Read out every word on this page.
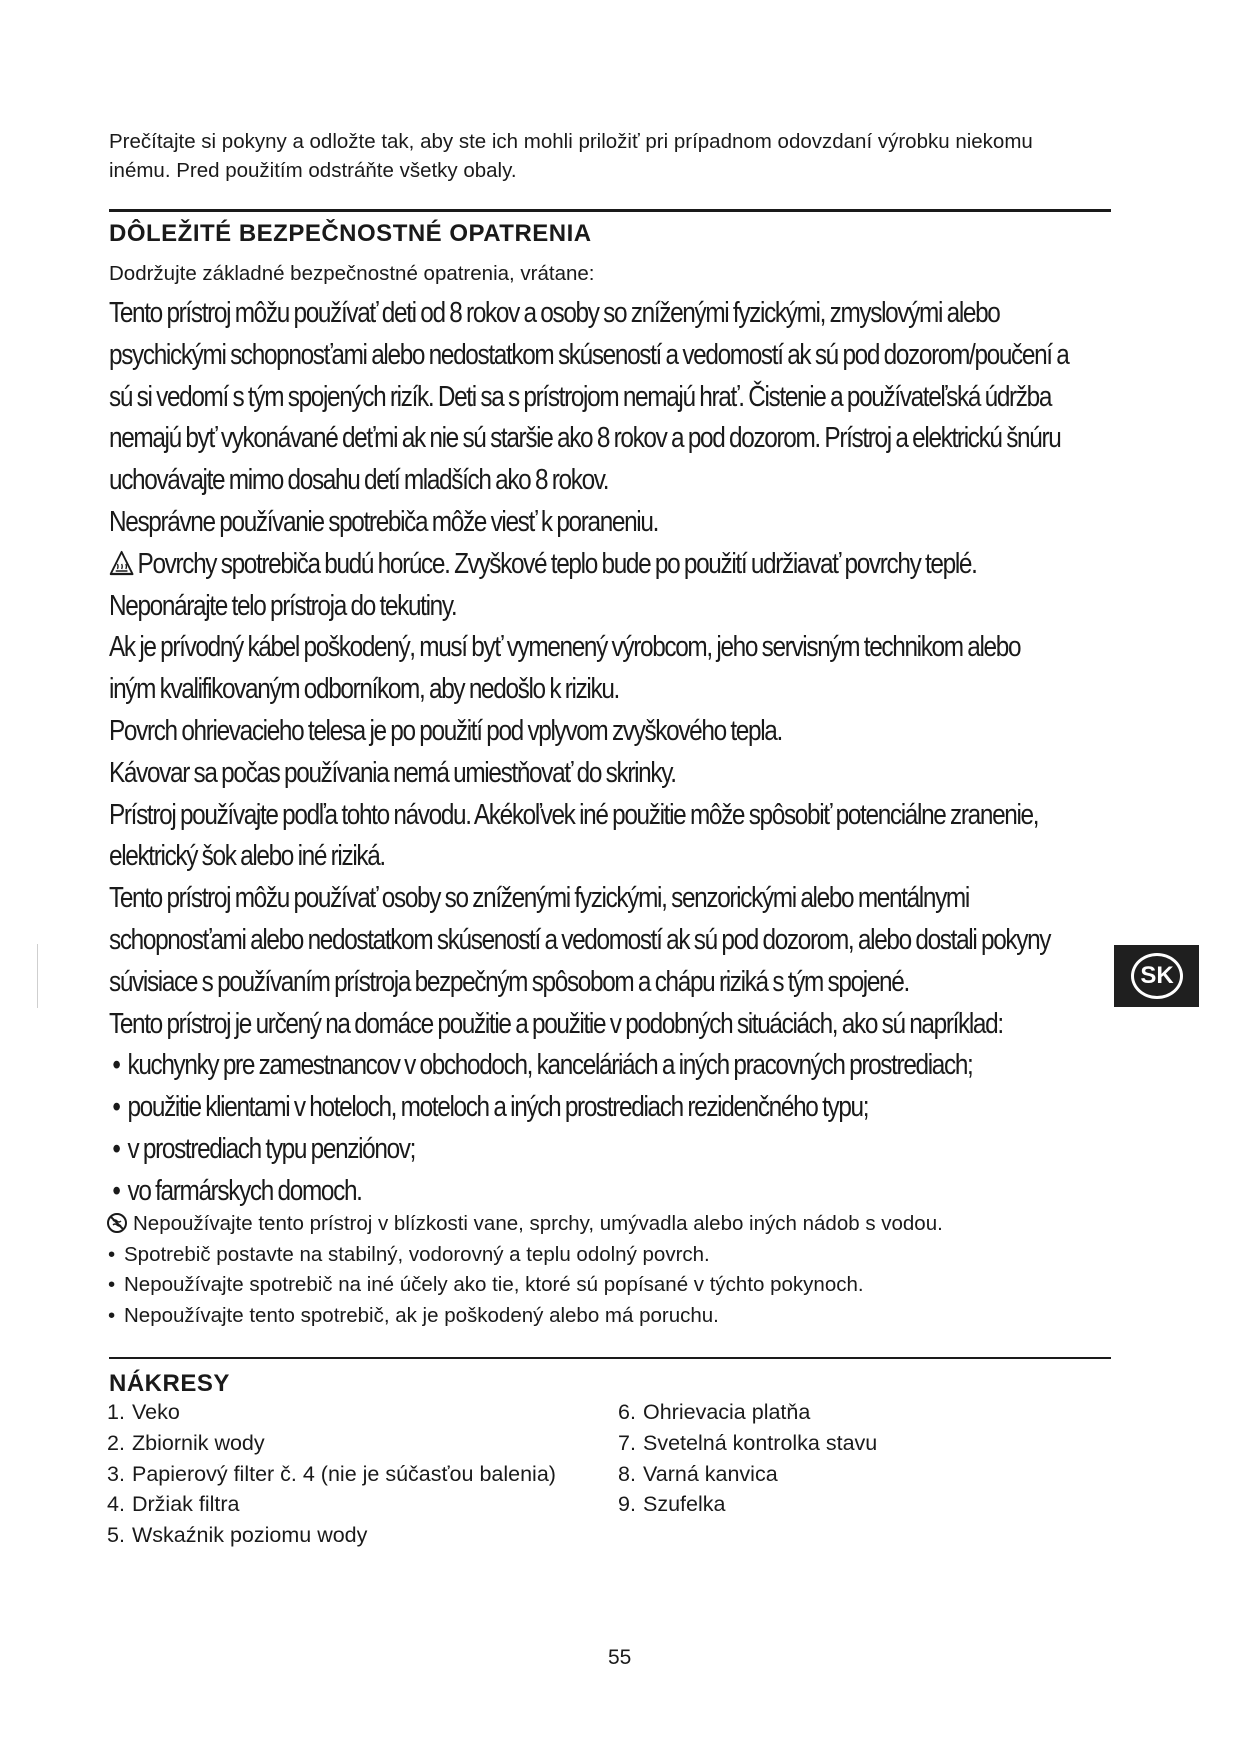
Prečítajte si pokyny a odložte tak, aby ste ich mohli priložiť pri prípadnom odovzdaní výrobku niekomu
inému. Pred použitím odstráňte všetky obaly.
DÔLEŽITÉ BEZPEČNOSTNÉ OPATRENIA
Dodržujte základné bezpečnostné opatrenia, vrátane:

Tento prístroj môžu používať deti od 8 rokov a osoby so zníženými fyzickými, zmyslovými alebo

psychickými schopnosťami alebo nedostatkom skúseností a vedomostí ak sú pod dozorom/poučení a

sú si vedomí s tým spojených rizík. Deti sa s prístrojom nemajú hrať. Čistenie a používateľská údržba

nemajú byť vykonávané deťmi ak nie sú staršie ako 8 rokov a pod dozorom. Prístroj a elektrickú šnúru

uchovávajte mimo dosahu detí mladších ako 8 rokov.

Nesprávne používanie spotrebiča môže viesť k poraneniu.

Povrchy spotrebiča budú horúce. Zvyškové teplo bude po použití udržiavať povrchy teplé.

Neponárajte telo prístroja do tekutiny.

Ak je prívodný kábel poškodený, musí byť vymenený výrobcom, jeho servisným technikom alebo

iným kvalifikovaným odborníkom, aby nedošlo k riziku.

Povrch ohrievacieho telesa je po použití pod vplyvom zvyškového tepla.

Kávovar sa počas používania nemá umiestňovať do skrinky.

Prístroj používajte podľa tohto návodu. Akékoľvek iné použitie môže spôsobiť potenciálne zranenie,

elektrický šok alebo iné riziká.

Tento prístroj môžu používať osoby so zníženými fyzickými, senzorickými alebo mentálnymi

schopnosťami alebo nedostatkom skúseností a vedomostí ak sú pod dozorom, alebo dostali pokyny

súvisiace s používaním prístroja bezpečným spôsobom a chápu riziká s tým spojené.

Tento prístroj je určený na domáce použitie a použitie v podobných situáciách, ako sú napríklad:

• kuchynky pre zamestnancov v obchodoch, kanceláriách a iných pracovných prostrediach;

• použitie klientami v hoteloch, moteloch a iných prostrediach rezidenčného typu;

• v prostrediach typu penziónov;

• vo farmárskych domoch.

Nepoužívajte tento prístroj v blízkosti vane, sprchy, umývadla alebo iných nádob s vodou.

• Spotrebič postavte na stabilný, vodorovný a teplu odolný povrch.

• Nepoužívajte spotrebič na iné účely ako tie, ktoré sú popísané v týchto pokynoch.

• Nepoužívajte tento spotrebič, ak je poškodený alebo má poruchu.

NÁKRESY
1. Veko
2. Zbiornik wody
3. Papierový filter č. 4 (nie je súčasťou balenia)
4. Držiak filtra
5. Wskaźnik poziomu wody
6. Ohrievacia platňa
7. Svetelná kontrolka stavu
8. Varná kanvica
9. Szufelka
SK
55
